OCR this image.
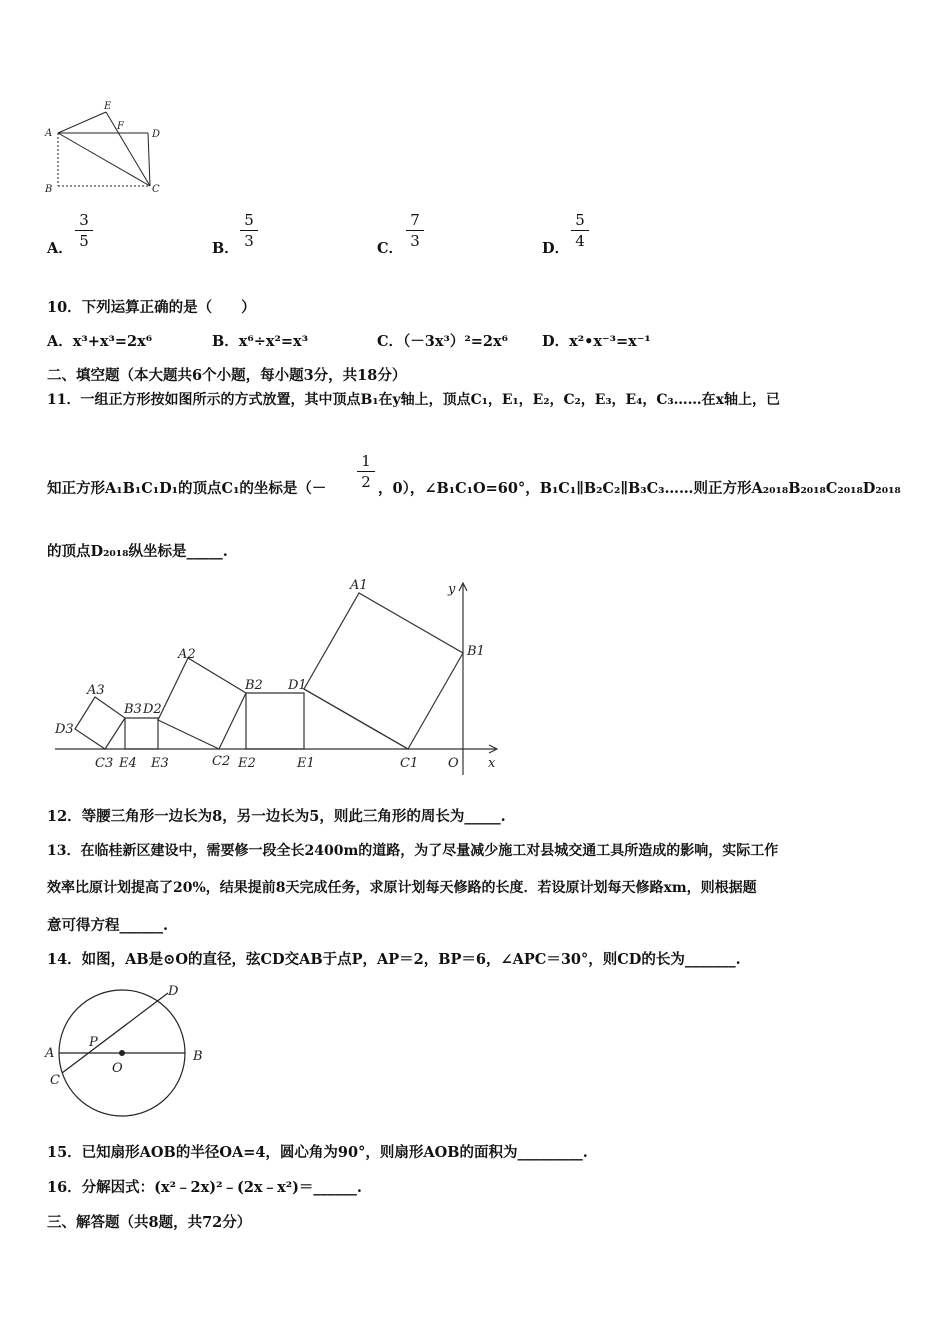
A
E
F
D
B	C
A． $\frac{3}{5}$	B． $\frac{5}{3}$	C． $\frac{7}{3}$	D． $\frac{5}{4}$
10．下列运算正确的是（　　）
A．x³+x³=2x⁶	B．x⁶÷x²=x³	C．（－3x³）²=2x⁶ D．x²•x⁻³=x⁻¹
二、填空题（本大题共6个小题，每小题3分，共18分）
11．一组正方形按如图所示的方式放置，其中顶点B₁在y轴上，顶点C₁，E₁，E₂，C₂，E₃，E₄，C₃……在x轴上，已
知正方形A₁B₁C₁D₁的顶点C₁的坐标是（－ $\frac{1}{2}$ ，0），∠B₁C₁O=60°，B₁C₁∥B₂C₂∥B₃C₃……则正方形A₂₀₁₈B₂₀₁₈C₂₀₁₈D₂₀₁₈
的顶点D₂₀₁₈纵坐标是_____.
A1
B1
C1
D1
A2
B2
C2
D2
A3
B3
C3
D3
E1
E2
E3
E4	O x
y
12．等腰三角形一边长为8，另一边长为5，则此三角形的周长为_____.
13．在临桂新区建设中，需要修一段全长2400m的道路，为了尽量减少施工对县城交通工具所造成的影响，实际工作
效率比原计划提高了20%，结果提前8天完成任务，求原计划每天修路的长度．若设原计划每天修路xm，则根据题
意可得方程______.
14．如图，AB是⊙O的直径，弦CD交AB于点P，AP＝2，BP＝6，∠APC＝30°，则CD的长为_______.
A	B
C
D
P
O
15．已知扇形AOB的半径OA=4，圆心角为90°，则扇形AOB的面积为_________.
16．分解因式：(x²﹣2x)²﹣(2x﹣x²)＝______.
三、解答题（共8题，共72分）
